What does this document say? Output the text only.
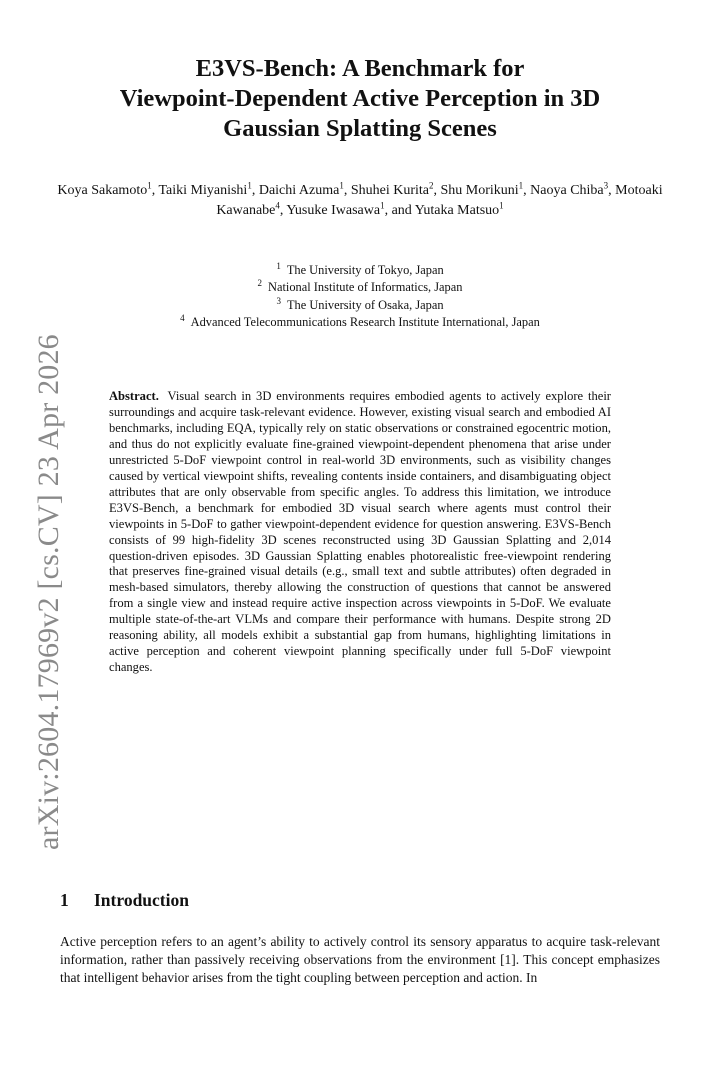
arXiv:2604.17969v2 [cs.CV] 23 Apr 2026
E3VS-Bench: A Benchmark for
Viewpoint-Dependent Active Perception in 3D
Gaussian Splatting Scenes

Koya Sakamoto$^1$, Taiki Miyanishi$^1$, Daichi Azuma$^1$, Shuhei Kurita$^2$, Shu Morikuni$^1$, Naoya Chiba$^3$, Motoaki Kawanabe$^4$, Yusuke Iwasawa$^1$, and Yutaka Matsuo$^1$

$^1$ The University of Tokyo, Japan
$^2$ National Institute of Informatics, Japan
$^3$ The University of Osaka, Japan
$^4$ Advanced Telecommunications Research Institute International, Japan

Abstract. Visual search in 3D environments requires embodied agents to actively explore their surroundings and acquire task-relevant evidence. However, existing visual search and embodied AI benchmarks, including EQA, typically rely on static observations or constrained egocentric motion, and thus do not explicitly evaluate fine-grained viewpoint-dependent phenomena that arise under unrestricted 5-DoF viewpoint control in real-world 3D environments, such as visibility changes caused by vertical viewpoint shifts, revealing contents inside containers, and disambiguating object attributes that are only observable from specific angles. To address this limitation, we introduce E3VS-Bench, a benchmark for embodied 3D visual search where agents must control their viewpoints in 5-DoF to gather viewpoint-dependent evidence for question answering. E3VS-Bench consists of 99 high-fidelity 3D scenes reconstructed using 3D Gaussian Splatting and 2,014 question-driven episodes. 3D Gaussian Splatting enables photorealistic free-viewpoint rendering that preserves fine-grained visual details (e.g., small text and subtle attributes) often degraded in mesh-based simulators, thereby allowing the construction of questions that cannot be answered from a single view and instead require active inspection across viewpoints in 5-DoF. We evaluate multiple state-of-the-art VLMs and compare their performance with humans. Despite strong 2D reasoning ability, all models exhibit a substantial gap from humans, highlighting limitations in active perception and coherent viewpoint planning specifically under full 5-DoF viewpoint changes.

1 Introduction

Active perception refers to an agent’s ability to actively control its sensory apparatus to acquire task-relevant information, rather than passively receiving observations from the environment [1]. This concept emphasizes that intelligent behavior arises from the tight coupling between perception and action. In
